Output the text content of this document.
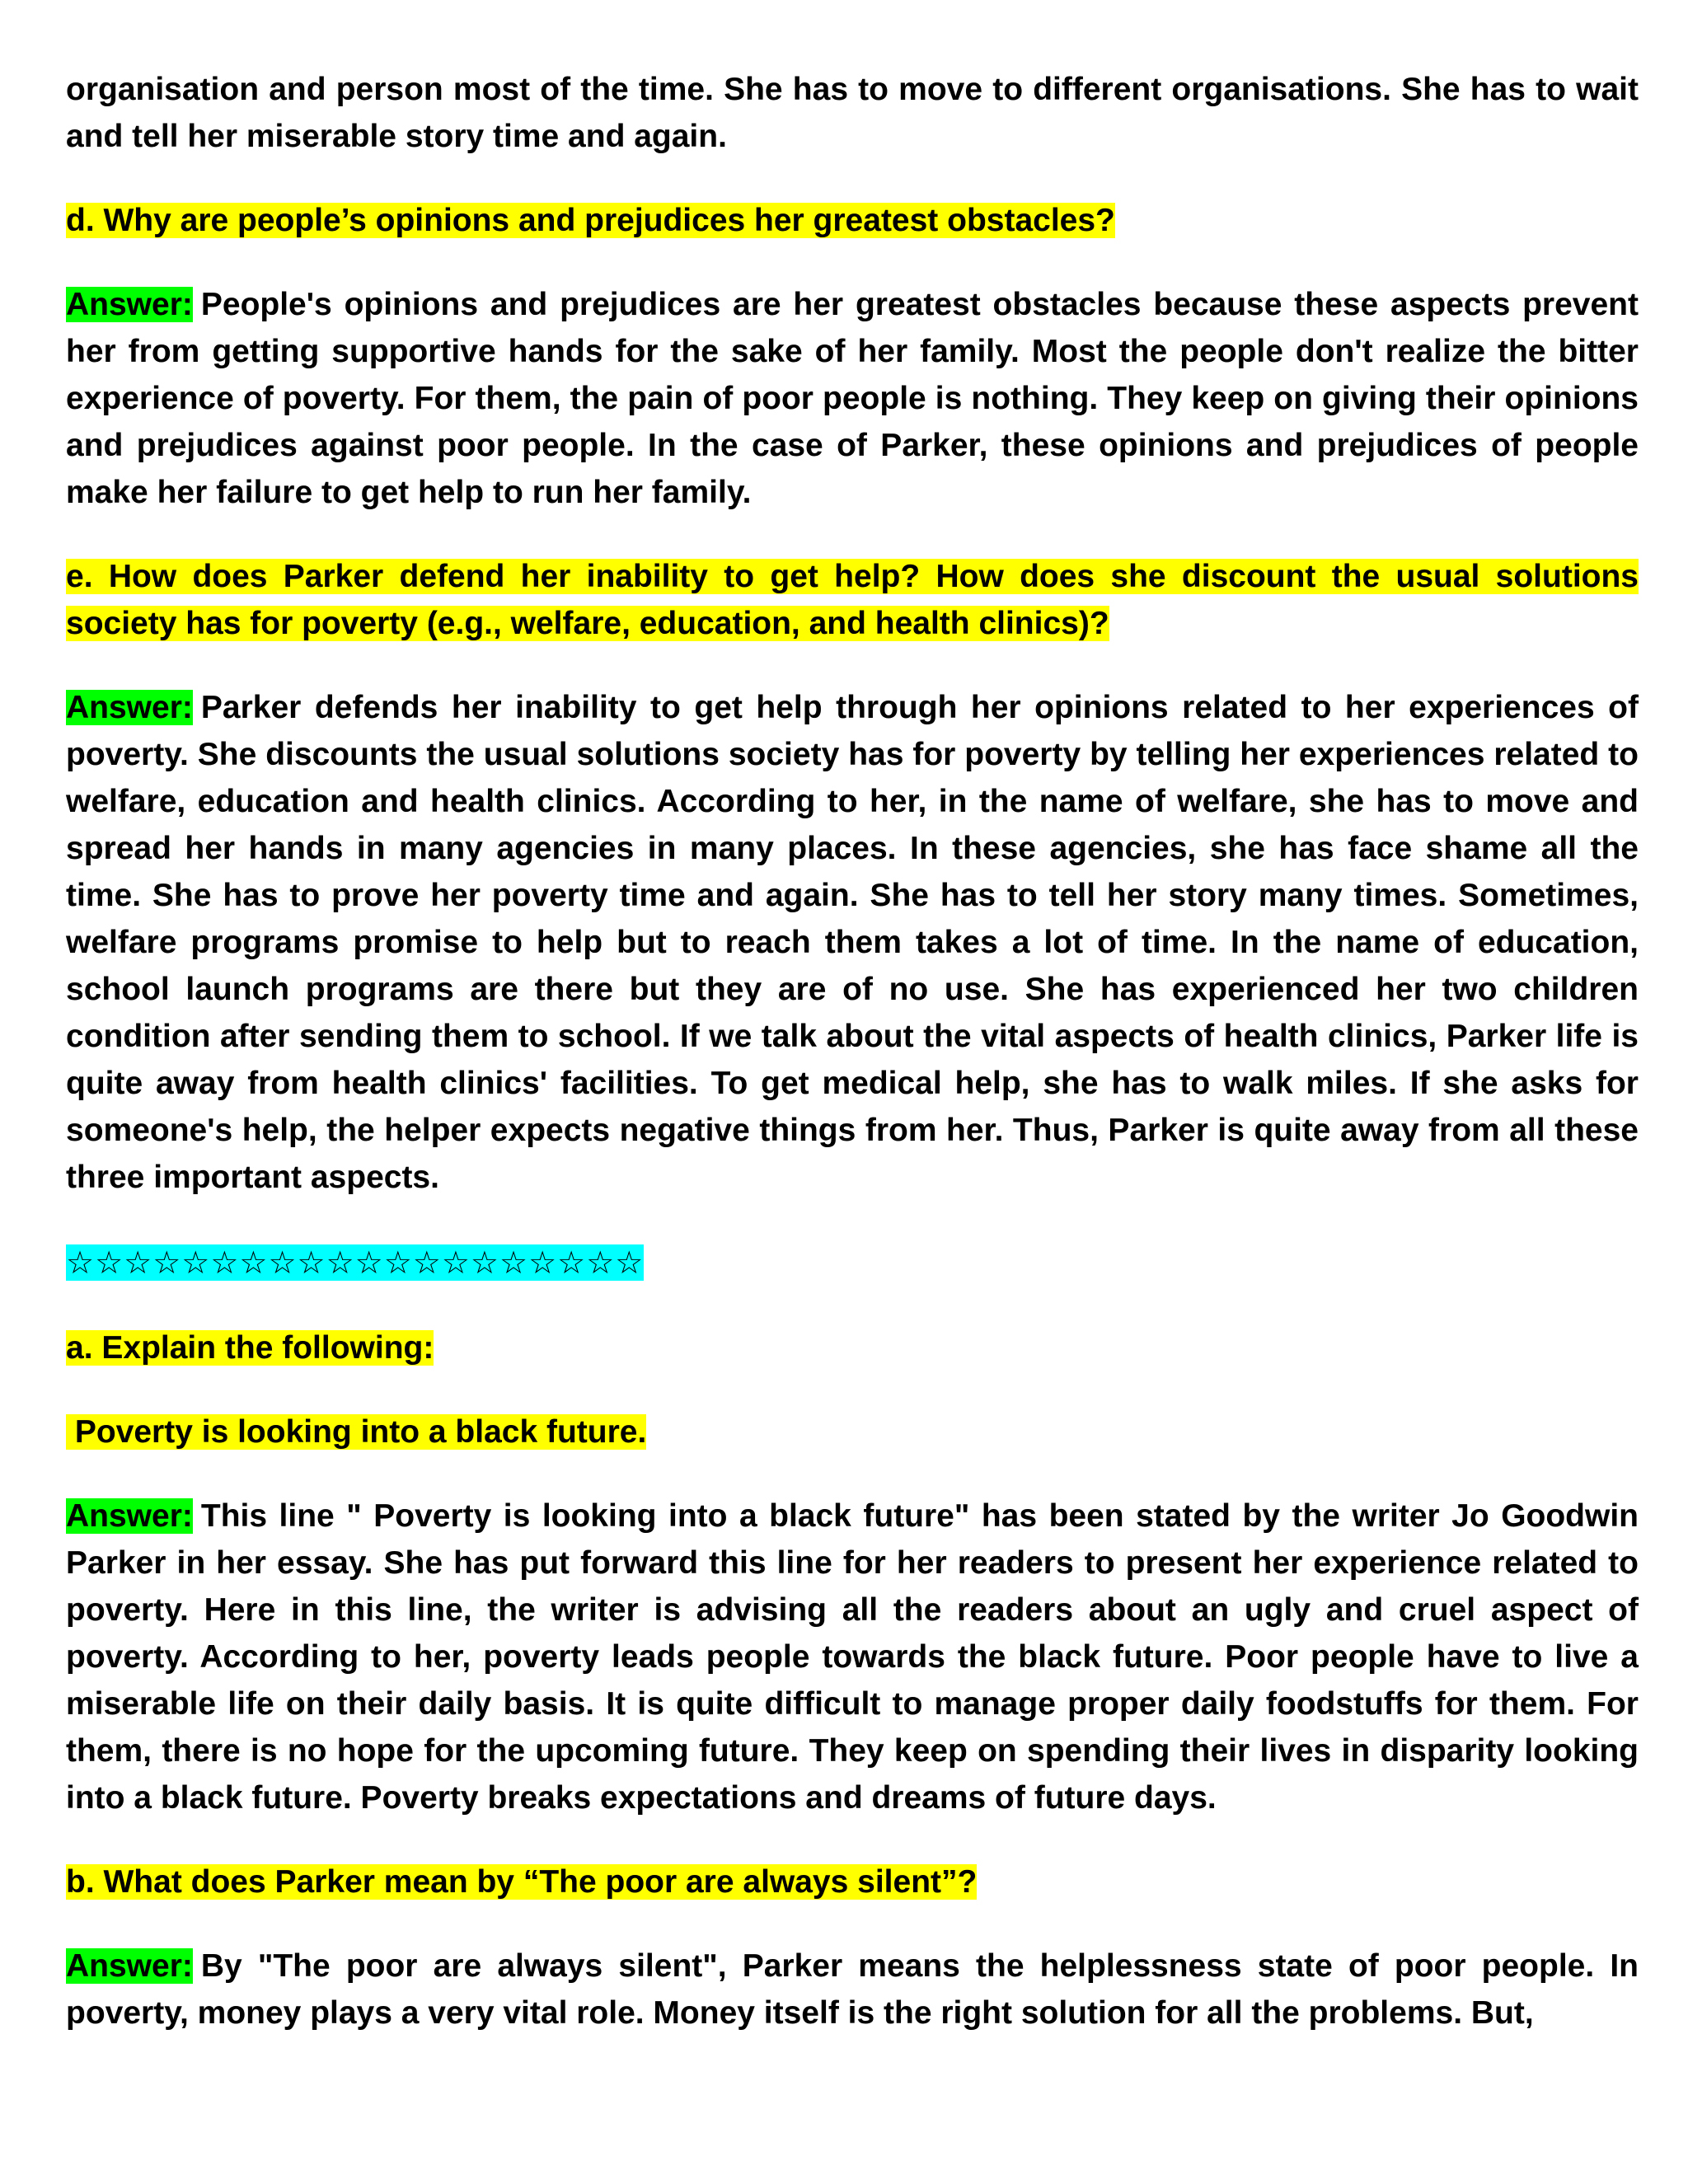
organisation and person most of the time. She has to move to different organisations. She has to wait and tell her miserable story time and again.

d. Why are people’s opinions and prejudices her greatest obstacles?

Answer: People's opinions and prejudices are her greatest obstacles because these aspects prevent her from getting supportive hands for the sake of her family. Most the people don't realize the bitter experience of poverty. For them, the pain of poor people is nothing. They keep on giving their opinions and prejudices against poor people. In the case of Parker, these opinions and prejudices of people make her failure to get help to run her family.

e. How does Parker defend her inability to get help? How does she discount the usual solutions society has for poverty (e.g., welfare, education, and health clinics)?

Answer: Parker defends her inability to get help through her opinions related to her experiences of poverty. She discounts the usual solutions society has for poverty by telling her experiences related to welfare, education and health clinics. According to her, in the name of welfare, she has to move and spread her hands in many agencies in many places. In these agencies, she has face shame all the time. She has to prove her poverty time and again. She has to tell her story many times. Sometimes, welfare programs promise to help but to reach them takes a lot of time. In the name of education, school launch programs are there but they are of no use. She has experienced her two children condition after sending them to school. If we talk about the vital aspects of health clinics, Parker life is quite away from health clinics' facilities. To get medical help, she has to walk miles. If she asks for someone's help, the helper expects negative things from her. Thus, Parker is quite away from all these three important aspects.

☆☆☆☆☆☆☆☆☆☆☆☆☆☆☆☆☆☆☆☆

a. Explain the following:

Poverty is looking into a black future.

Answer: This line " Poverty is looking into a black future" has been stated by the writer Jo Goodwin Parker in her essay. She has put forward this line for her readers to present her experience related to poverty. Here in this line, the writer is advising all the readers about an ugly and cruel aspect of poverty. According to her, poverty leads people towards the black future. Poor people have to live a miserable life on their daily basis. It is quite difficult to manage proper daily foodstuffs for them. For them, there is no hope for the upcoming future. They keep on spending their lives in disparity looking into a black future. Poverty breaks expectations and dreams of future days.

b. What does Parker mean by “The poor are always silent”?

Answer: By "The poor are always silent", Parker means the helplessness state of poor people. In poverty, money plays a very vital role. Money itself is the right solution for all the problems. But,
